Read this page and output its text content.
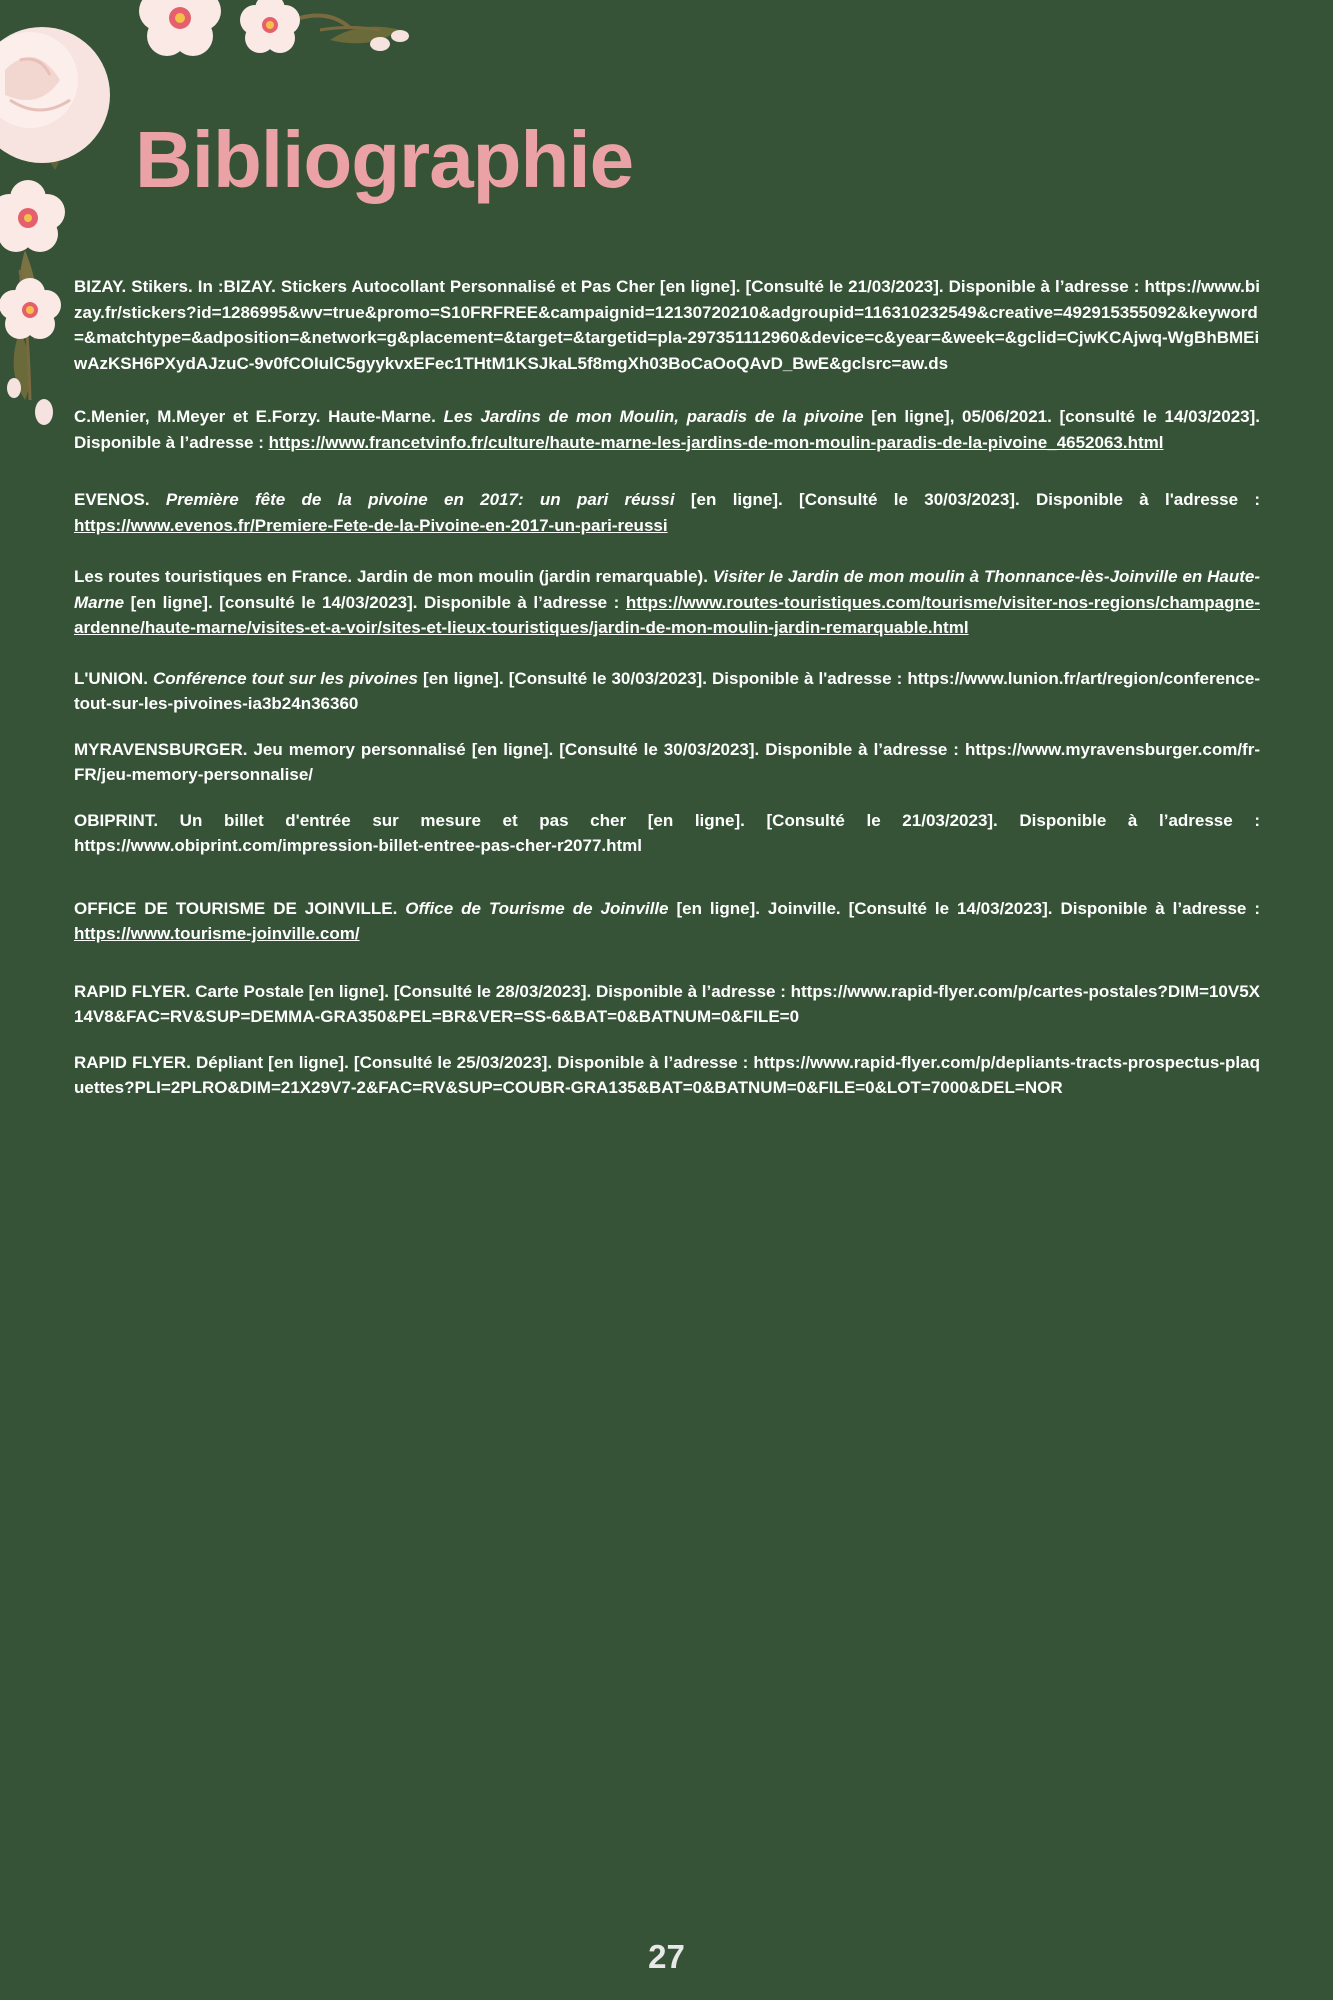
Bibliographie

BIZAY. Stikers. In :BIZAY. Stickers Autocollant Personnalisé et Pas Cher [en ligne]. [Consulté le 21/03/2023]. Disponible à l’adresse : https://www.bizay.fr/stickers?id=1286995&wv=true&promo=S10FRFREE&campaignid=12130720210&adgroupid=116310232549&creative=492915355092&keyword=&matchtype=&adposition=&network=g&placement=&target=&targetid=pla-297351112960&device=c&year=&week=&gclid=CjwKCAjwq-WgBhBMEiwAzKSH6PXydAJzuC-9v0fCOIulC5gyykvxEFec1THtM1KSJkaL5f8mgXh03BoCaOoQAvD_BwE&gclsrc=aw.ds

C.Menier, M.Meyer et E.Forzy. Haute-Marne. Les Jardins de mon Moulin, paradis de la pivoine [en ligne], 05/06/2021. [consulté le 14/03/2023]. Disponible à l’adresse : https://www.francetvinfo.fr/culture/haute-marne-les-jardins-de-mon-moulin-paradis-de-la-pivoine_4652063.html

EVENOS. Première fête de la pivoine en 2017: un pari réussi [en ligne]. [Consulté le 30/03/2023]. Disponible à l'adresse : https://www.evenos.fr/Premiere-Fete-de-la-Pivoine-en-2017-un-pari-reussi

Les routes touristiques en France. Jardin de mon moulin (jardin remarquable). Visiter le Jardin de mon moulin à Thonnance-lès-Joinville en Haute-Marne [en ligne]. [consulté le 14/03/2023]. Disponible à l’adresse : https://www.routes-touristiques.com/tourisme/visiter-nos-regions/champagne-ardenne/haute-marne/visites-et-a-voir/sites-et-lieux-touristiques/jardin-de-mon-moulin-jardin-remarquable.html

L'UNION. Conférence tout sur les pivoines [en ligne]. [Consulté le 30/03/2023]. Disponible à l'adresse : https://www.lunion.fr/art/region/conference-tout-sur-les-pivoines-ia3b24n36360

MYRAVENSBURGER. Jeu memory personnalisé [en ligne]. [Consulté le 30/03/2023]. Disponible à l’adresse : https://www.myravensburger.com/fr-FR/jeu-memory-personnalise/

OBIPRINT. Un billet d'entrée sur mesure et pas cher [en ligne]. [Consulté le 21/03/2023]. Disponible à l’adresse : https://www.obiprint.com/impression-billet-entree-pas-cher-r2077.html

OFFICE DE TOURISME DE JOINVILLE. Office de Tourisme de Joinville [en ligne]. Joinville. [Consulté le 14/03/2023]. Disponible à l’adresse : https://www.tourisme-joinville.com/

RAPID FLYER. Carte Postale [en ligne]. [Consulté le 28/03/2023]. Disponible à l’adresse : https://www.rapid-flyer.com/p/cartes-postales?DIM=10V5X14V8&FAC=RV&SUP=DEMMA-GRA350&PEL=BR&VER=SS-6&BAT=0&BATNUM=0&FILE=0

RAPID FLYER. Dépliant [en ligne]. [Consulté le 25/03/2023]. Disponible à l’adresse : https://www.rapid-flyer.com/p/depliants-tracts-prospectus-plaquettes?PLI=2PLRO&DIM=21X29V7-2&FAC=RV&SUP=COUBR-GRA135&BAT=0&BATNUM=0&FILE=0&LOT=7000&DEL=NOR

27
